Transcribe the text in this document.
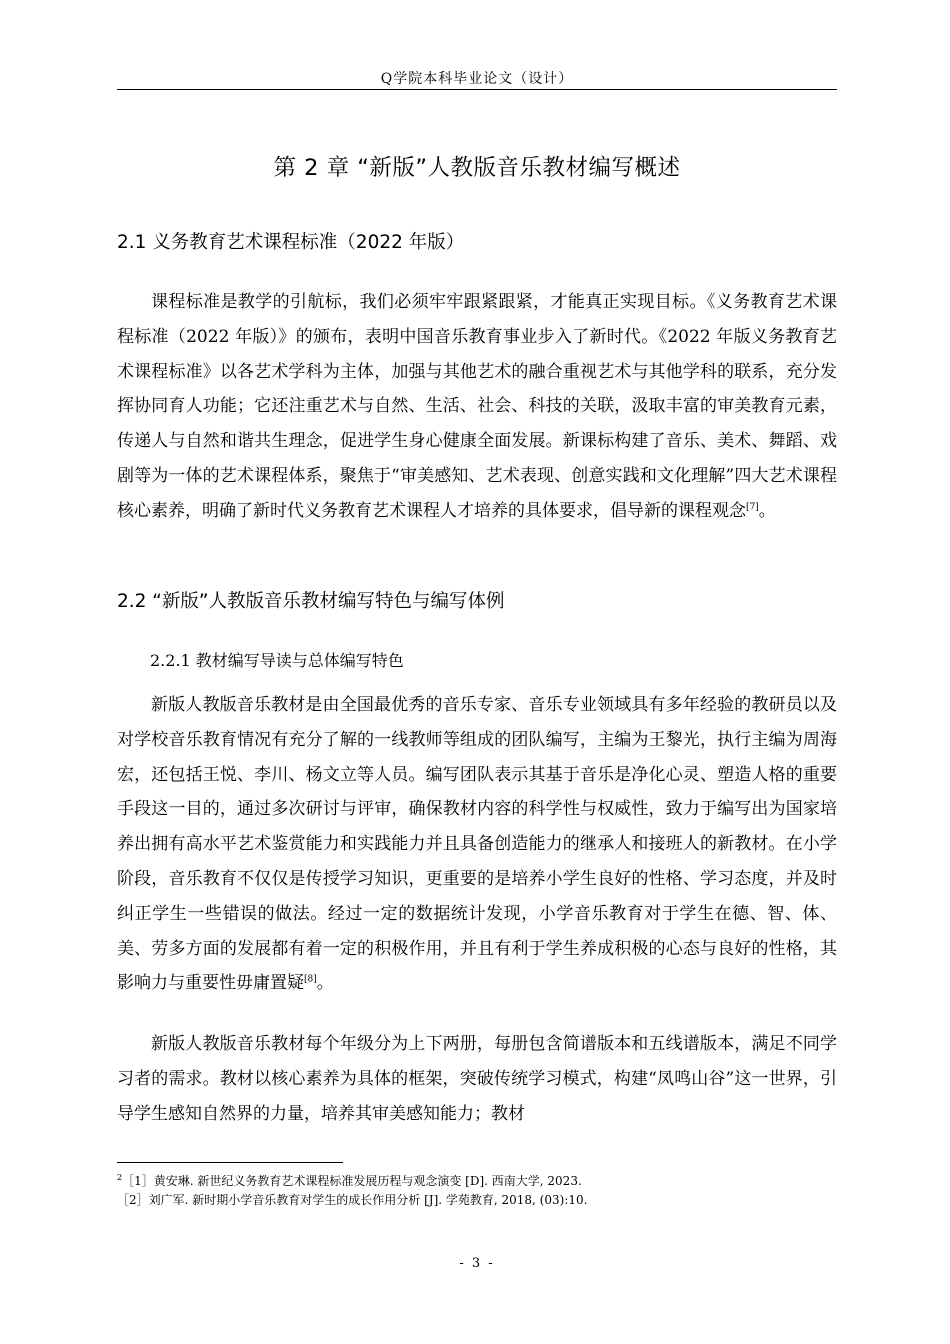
Q学院本科毕业论文（设计）
第 2 章 “新版”人教版音乐教材编写概述
2.1 义务教育艺术课程标准（2022 年版）

课程标准是教学的引航标，我们必须牢牢跟紧跟紧，才能真正实现目标。《义务教育艺术课程标准（2022 年版）》的颁布，表明中国音乐教育事业步入了新时代。《2022 年版义务教育艺术课程标准》以各艺术学科为主体，加强与其他艺术的融合重视艺术与其他学科的联系，充分发挥协同育人功能；它还注重艺术与自然、生活、社会、科技的关联，汲取丰富的审美教育元素，传递人与自然和谐共生理念，促进学生身心健康全面发展。新课标构建了音乐、美术、舞蹈、戏剧等为一体的艺术课程体系，聚焦于“审美感知、艺术表现、创意实践和文化理解”四大艺术课程核心素养，明确了新时代义务教育艺术课程人才培养的具体要求，倡导新的课程观念[7]。

2.2 “新版”人教版音乐教材编写特色与编写体例
2.2.1 教材编写导读与总体编写特色

新版人教版音乐教材是由全国最优秀的音乐专家、音乐专业领域具有多年经验的教研员以及对学校音乐教育情况有充分了解的一线教师等组成的团队编写，主编为王黎光，执行主编为周海宏，还包括王悦、李川、杨文立等人员。编写团队表示其基于音乐是净化心灵、塑造人格的重要手段这一目的，通过多次研讨与评审，确保教材内容的科学性与权威性，致力于编写出为国家培养出拥有高水平艺术鉴赏能力和实践能力并且具备创造能力的继承人和接班人的新教材。在小学阶段，音乐教育不仅仅是传授学习知识，更重要的是培养小学生良好的性格、学习态度，并及时纠正学生一些错误的做法。经过一定的数据统计发现，小学音乐教育对于学生在德、智、体、美、劳多方面的发展都有着一定的积极作用，并且有利于学生养成积极的心态与良好的性格，其影响力与重要性毋庸置疑[8]。

新版人教版音乐教材每个年级分为上下两册，每册包含简谱版本和五线谱版本，满足不同学习者的需求。教材以核心素养为具体的框架，突破传统学习模式，构建“凤鸣山谷”这一世界，引导学生感知自然界的力量，培养其审美感知能力；教材

$^2$［1］黄安琳. 新世纪义务教育艺术课程标准发展历程与观念演变 [D]. 西南大学, 2023.
［2］刘广军. 新时期小学音乐教育对学生的成长作用分析 [J]. 学苑教育, 2018, (03):10.
- 3 -
